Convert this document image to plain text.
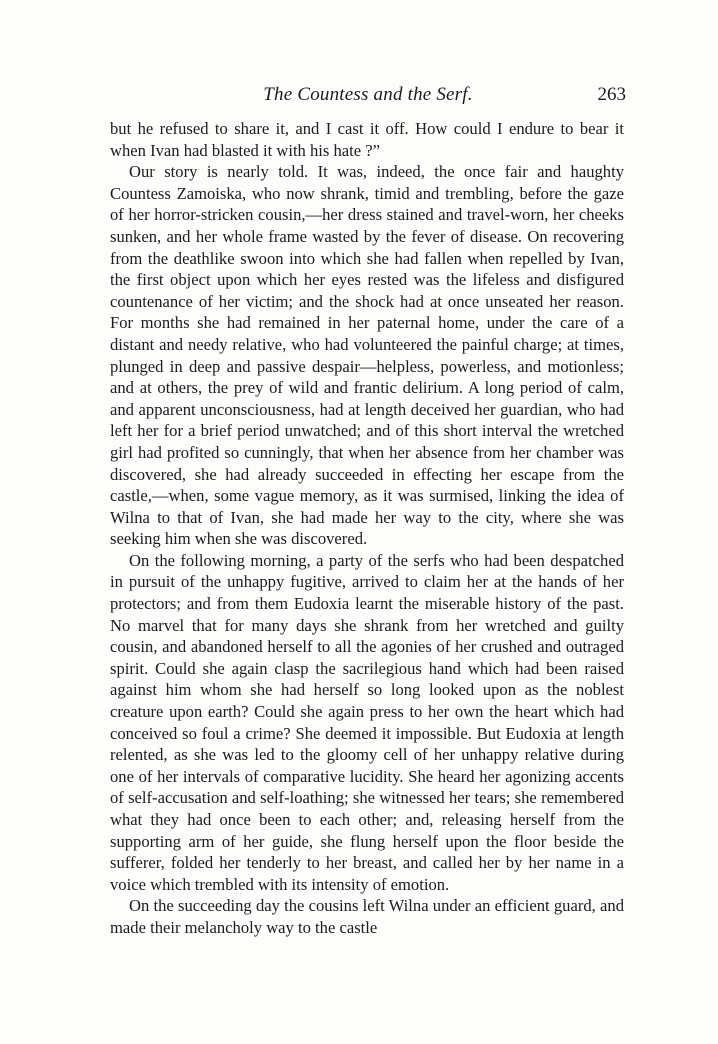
The Countess and the Serf.	263

but he refused to share it, and I cast it off. How could I endure to bear it when Ivan had blasted it with his hate ?”

Our story is nearly told. It was, indeed, the once fair and haughty Countess Zamoiska, who now shrank, timid and trembling, before the gaze of her horror-stricken cousin,—her dress stained and travel-worn, her cheeks sunken, and her whole frame wasted by the fever of disease. On recovering from the deathlike swoon into which she had fallen when repelled by Ivan, the first object upon which her eyes rested was the lifeless and disfigured countenance of her victim; and the shock had at once unseated her reason. For months she had remained in her paternal home, under the care of a distant and needy relative, who had volunteered the painful charge; at times, plunged in deep and passive despair—helpless, powerless, and motionless; and at others, the prey of wild and frantic delirium. A long period of calm, and apparent unconsciousness, had at length deceived her guardian, who had left her for a brief period unwatched; and of this short interval the wretched girl had profited so cunningly, that when her absence from her chamber was discovered, she had already succeeded in effecting her escape from the castle,—when, some vague memory, as it was surmised, linking the idea of Wilna to that of Ivan, she had made her way to the city, where she was seeking him when she was discovered.

On the following morning, a party of the serfs who had been despatched in pursuit of the unhappy fugitive, arrived to claim her at the hands of her protectors; and from them Eudoxia learnt the miserable history of the past. No marvel that for many days she shrank from her wretched and guilty cousin, and abandoned herself to all the agonies of her crushed and outraged spirit. Could she again clasp the sacrilegious hand which had been raised against him whom she had herself so long looked upon as the noblest creature upon earth? Could she again press to her own the heart which had conceived so foul a crime? She deemed it impossible. But Eudoxia at length relented, as she was led to the gloomy cell of her unhappy relative during one of her intervals of comparative lucidity. She heard her agonizing accents of self-accusation and self-loathing; she witnessed her tears; she remembered what they had once been to each other; and, releasing herself from the supporting arm of her guide, she flung herself upon the floor beside the sufferer, folded her tenderly to her breast, and called her by her name in a voice which trembled with its intensity of emotion.

On the succeeding day the cousins left Wilna under an efficient guard, and made their melancholy way to the castle
